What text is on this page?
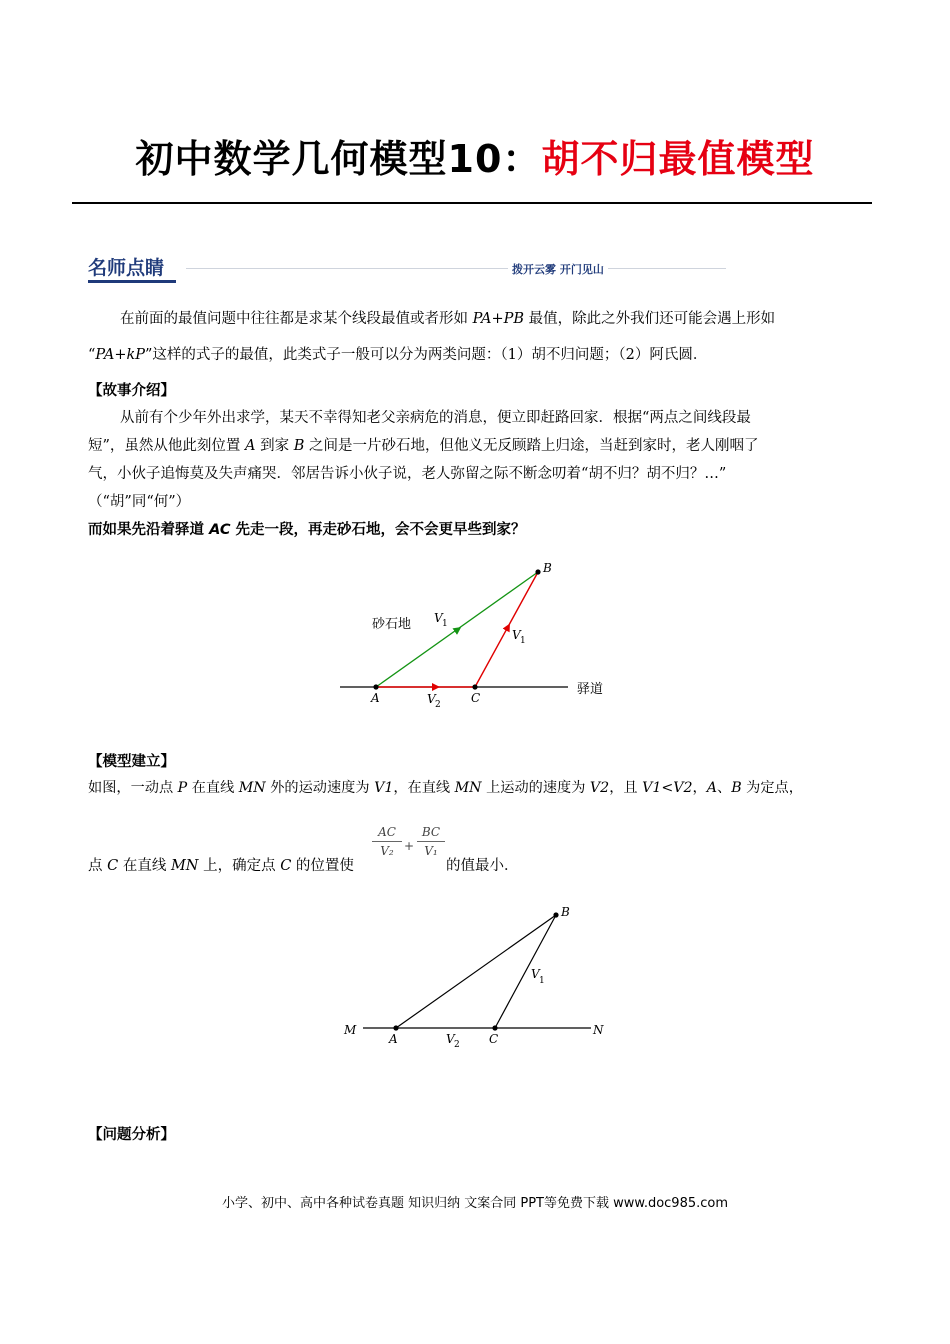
初中数学几何模型10：胡不归最值模型
名师点睛	拨开云雾 开门见山
在前面的最值问题中往往都是求某个线段最值或者形如 PA+PB 最值，除此之外我们还可能会遇上形如
“PA+kP”这样的式子的最值，此类式子一般可以分为两类问题：（1）胡不归问题；（2）阿氏圆．
【故事介绍】
从前有个少年外出求学，某天不幸得知老父亲病危的消息，便立即赶路回家．根据“两点之间线段最
短”，虽然从他此刻位置 A 到家 B 之间是一片砂石地，但他义无反顾踏上归途，当赶到家时，老人刚咽了
气，小伙子追悔莫及失声痛哭．邻居告诉小伙子说，老人弥留之际不断念叨着“胡不归？胡不归？…”
（“胡”同“何”）
而如果先沿着驿道 AC 先走一段，再走砂石地，会不会更早些到家？
A	C
B
砂石地
驿道
V 1
V 1
V 2
【模型建立】
如图，一动点 P 在直线 MN 外的运动速度为 V1，在直线 MN 上运动的速度为 V2，且 V1<V2，A、B 为定点，
点 C 在直线 MN 上，确定点 C 的位置使
AC
V₂ +
BC
V₁
的值最小．
M	N
A	C
B
V 1
V 2
【问题分析】
小学、初中、高中各种试卷真题 知识归纳 文案合同 PPT等免费下载 www.doc985.com
